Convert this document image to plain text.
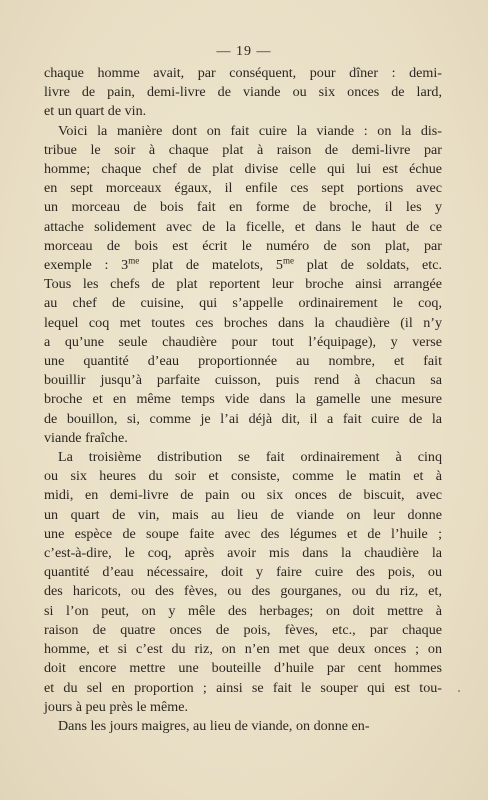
— 19 —

chaque homme avait, par conséquent, pour dîner : demi-
livre de pain, demi-livre de viande ou six onces de lard,
et un quart de vin.

Voici la manière dont on fait cuire la viande : on la dis-
tribue le soir à chaque plat à raison de demi-livre par
homme; chaque chef de plat divise celle qui lui est échue
en sept morceaux égaux, il enfile ces sept portions avec
un morceau de bois fait en forme de broche, il les y
attache solidement avec de la ficelle, et dans le haut de ce
morceau de bois est écrit le numéro de son plat, par
exemple : $3^{me}$ plat de matelots, $5^{me}$ plat de soldats, etc.
Tous les chefs de plat reportent leur broche ainsi arrangée
au chef de cuisine, qui s’appelle ordinairement le coq,
lequel coq met toutes ces broches dans la chaudière (il n’y
a qu’une seule chaudière pour tout l’équipage), y verse
une quantité d’eau proportionnée au nombre, et fait
bouillir jusqu’à parfaite cuisson, puis rend à chacun sa
broche et en même temps vide dans la gamelle une mesure
de bouillon, si, comme je l’ai déjà dit, il a fait cuire de la
viande fraîche.

La troisième distribution se fait ordinairement à cinq
ou six heures du soir et consiste, comme le matin et à
midi, en demi-livre de pain ou six onces de biscuit, avec
un quart de vin, mais au lieu de viande on leur donne
une espèce de soupe faite avec des légumes et de l’huile ;
c’est-à-dire, le coq, après avoir mis dans la chaudière la
quantité d’eau nécessaire, doit y faire cuire des pois, ou
des haricots, ou des fèves, ou des gourganes, ou du riz, et,
si l’on peut, on y mêle des herbages; on doit mettre à
raison de quatre onces de pois, fèves, etc., par chaque
homme, et si c’est du riz, on n’en met que deux onces ; on
doit encore mettre une bouteille d’huile par cent hommes
et du sel en proportion ; ainsi se fait le souper qui est tou-
jours à peu près le même.

Dans les jours maigres, au lieu de viande, on donne en-
